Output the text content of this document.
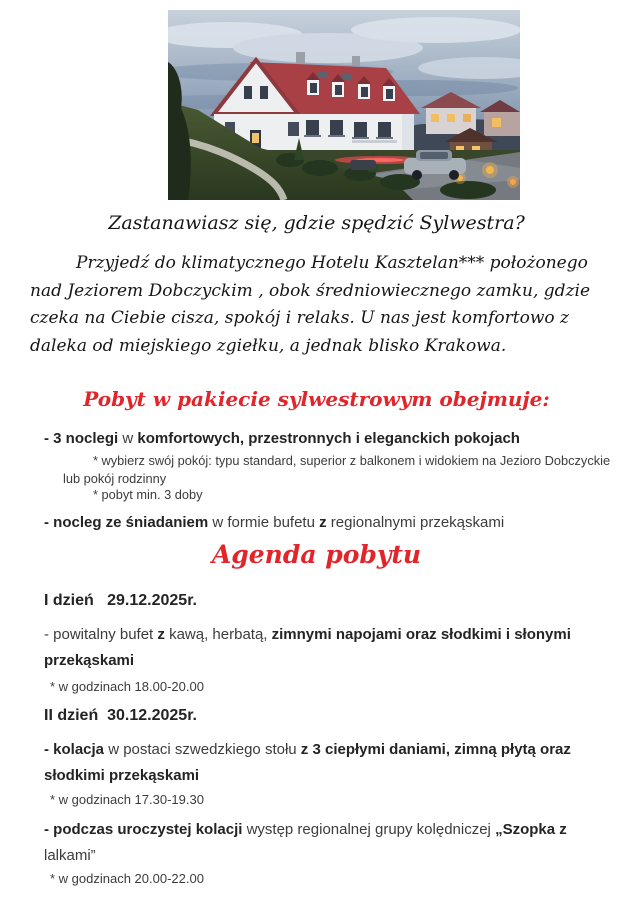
Zastanawiasz się, gdzie spędzić Sylwestra?
Przyjedź do klimatycznego Hotelu Kasztelan*** położonego nad Jeziorem Dobczyckim , obok średniowiecznego zamku, gdzie czeka na Ciebie cisza, spokój i relaks. U nas jest komfortowo z daleka od miejskiego zgiełku, a jednak blisko Krakowa.
Pobyt w pakiecie sylwestrowym obejmuje:
- 3 noclegi w komfortowych, przestronnych i eleganckich pokojach
* wybierz swój pokój: typu standard, superior z balkonem i widokiem na Jezioro Dobczyckie lub pokój rodzinny
* pobyt min. 3 doby
- nocleg ze śniadaniem w formie bufetu z regionalnymi przekąskami
Agenda pobytu
I dzień   29.12.2025r.
- powitalny bufet z kawą, herbatą, zimnymi napojami oraz słodkimi i słonymi przekąskami
* w godzinach 18.00-20.00
II dzień  30.12.2025r.
- kolacja w postaci szwedzkiego stołu z 3 ciepłymi daniami, zimną płytą oraz słodkimi przekąskami
* w godzinach 17.30-19.30
- podczas uroczystej kolacji występ regionalnej grupy kolędniczej „Szopka z lalkami”
* w godzinach 20.00-22.00
